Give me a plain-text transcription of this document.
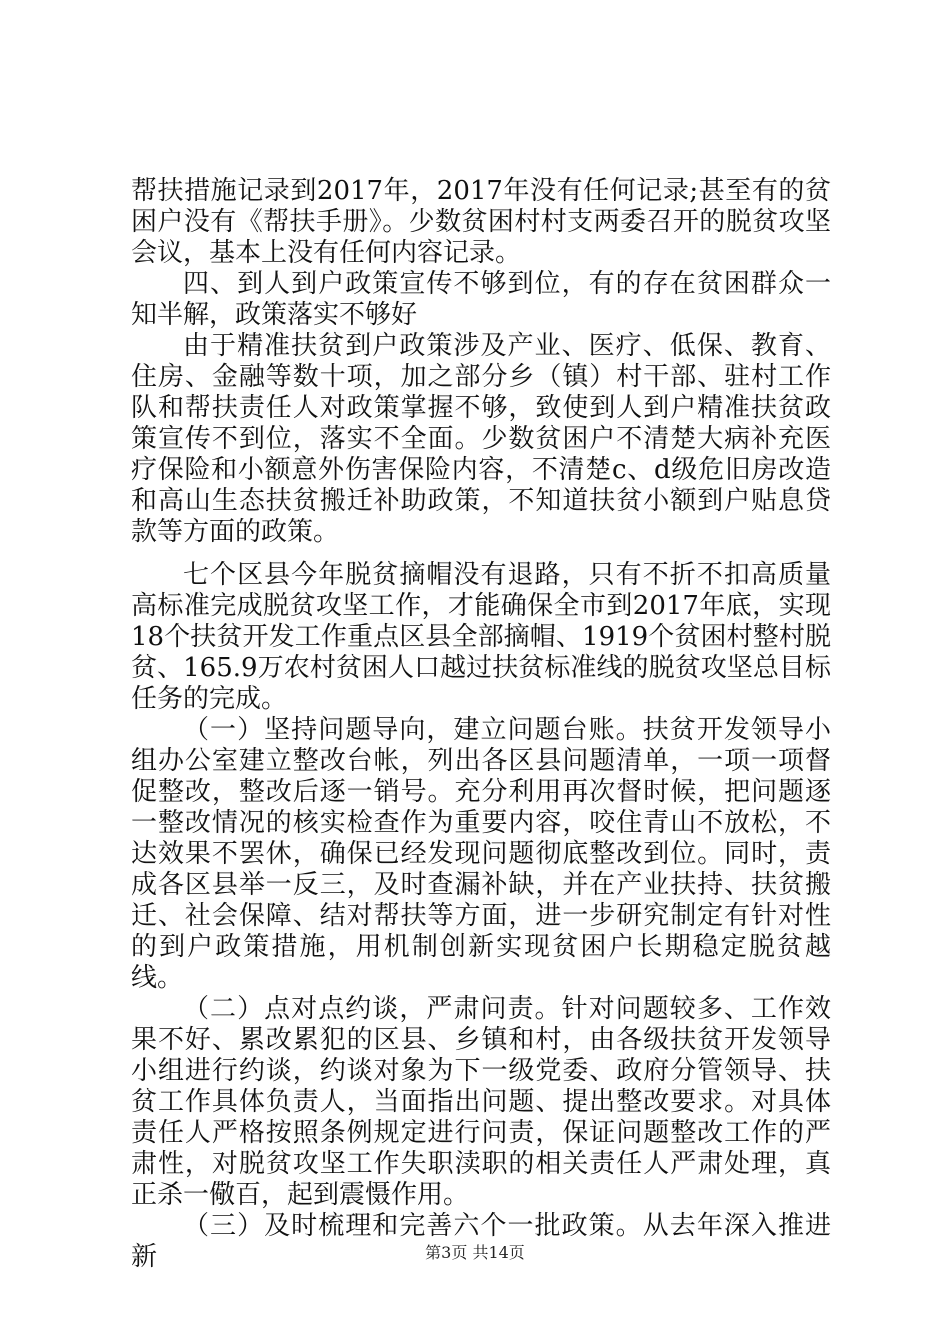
帮扶措施记录到2017年，2017年没有任何记录;甚至有的贫困户没有《帮扶手册》。少数贫困村村支两委召开的脱贫攻坚会议，基本上没有任何内容记录。

四、到人到户政策宣传不够到位，有的存在贫困群众一知半解，政策落实不够好

由于精准扶贫到户政策涉及产业、医疗、低保、教育、住房、金融等数十项，加之部分乡（镇）村干部、驻村工作队和帮扶责任人对政策掌握不够，致使到人到户精准扶贫政策宣传不到位，落实不全面。少数贫困户不清楚大病补充医疗保险和小额意外伤害保险内容，不清楚c、d级危旧房改造和高山生态扶贫搬迁补助政策，不知道扶贫小额到户贴息贷款等方面的政策。

七个区县今年脱贫摘帽没有退路，只有不折不扣高质量高标准完成脱贫攻坚工作，才能确保全市到2017年底，实现18个扶贫开发工作重点区县全部摘帽、1919个贫困村整村脱贫、165.9万农村贫困人口越过扶贫标准线的脱贫攻坚总目标任务的完成。

（一）坚持问题导向，建立问题台账。扶贫开发领导小组办公室建立整改台帐，列出各区县问题清单，一项一项督促整改，整改后逐一销号。充分利用再次督时候，把问题逐一整改情况的核实检查作为重要内容，咬住青山不放松，不达效果不罢休，确保已经发现问题彻底整改到位。同时，责成各区县举一反三，及时查漏补缺，并在产业扶持、扶贫搬迁、社会保障、结对帮扶等方面，进一步研究制定有针对性的到户政策措施，用机制创新实现贫困户长期稳定脱贫越线。

（二）点对点约谈，严肃问责。针对问题较多、工作效果不好、累改累犯的区县、乡镇和村，由各级扶贫开发领导小组进行约谈，约谈对象为下一级党委、政府分管领导、扶贫工作具体负责人，当面指出问题、提出整改要求。对具体责任人严格按照条例规定进行问责，保证问题整改工作的严肃性，对脱贫攻坚工作失职渎职的相关责任人严肃处理，真正杀一儆百，起到震慑作用。

（三）及时梳理和完善六个一批政策。从去年深入推进新	第3页 共14页
